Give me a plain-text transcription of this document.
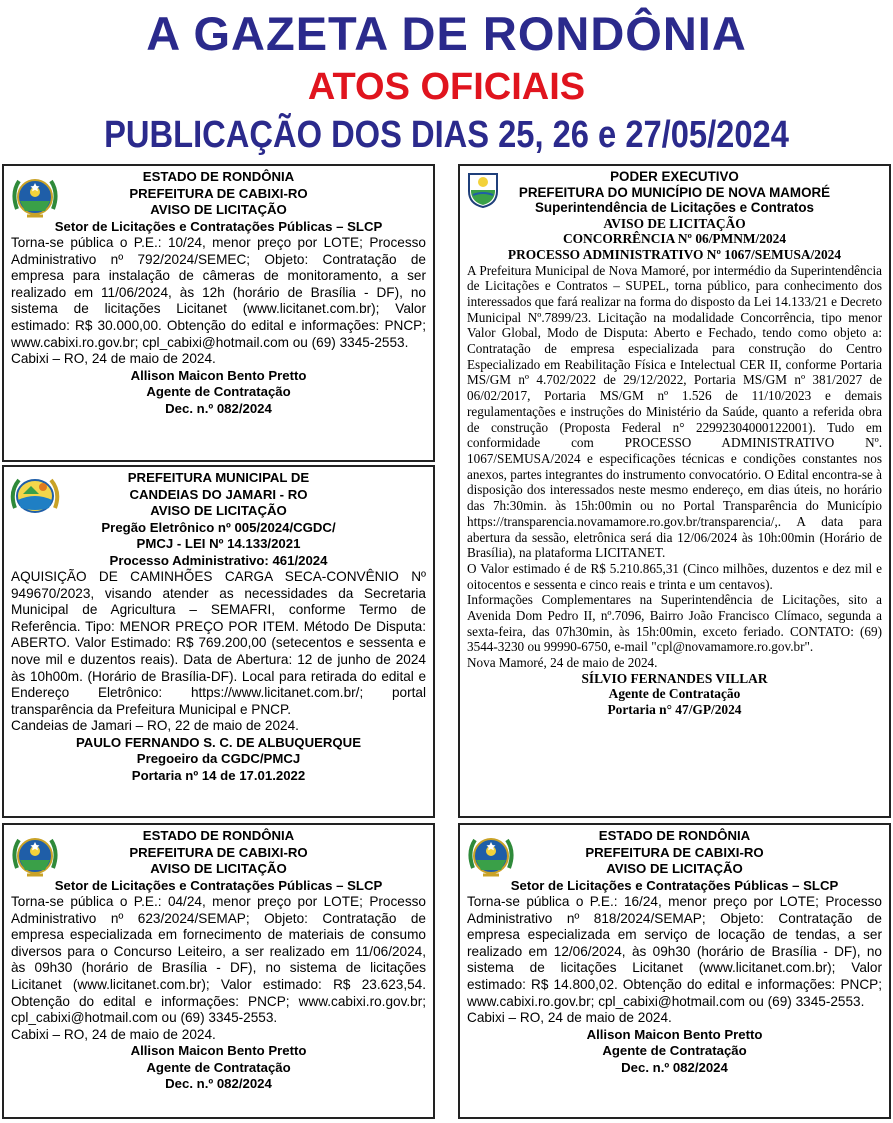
A GAZETA DE RONDÔNIA
ATOS OFICIAIS
PUBLICAÇÃO DOS DIAS 25, 26 e 27/05/2024
ESTADO DE RONDÔNIA
PREFEITURA DE CABIXI-RO
AVISO DE LICITAÇÃO
Setor de Licitações e Contratações Públicas – SLCP
Torna-se pública o P.E.: 10/24, menor preço por LOTE; Processo Administrativo nº 792/2024/SEMEC; Objeto: Contratação de empresa para instalação de câmeras de monitoramento, a ser realizado em 11/06/2024, às 12h (horário de Brasília - DF), no sistema de licitações Licitanet (www.licitanet.com.br); Valor estimado: R$ 30.000,00. Obtenção do edital e informações: PNCP; www.cabixi.ro.gov.br; cpl_cabixi@hotmail.com ou (69) 3345-2553.
Cabixi – RO, 24 de maio de 2024.
Allison Maicon Bento Pretto
Agente de Contratação
Dec. n.º 082/2024
PREFEITURA MUNICIPAL DE
CANDEIAS DO JAMARI - RO
AVISO DE LICITAÇÃO
Pregão Eletrônico nº 005/2024/CGDC/
PMCJ - LEI Nº 14.133/2021
Processo Administrativo: 461/2024
AQUISIÇÃO DE CAMINHÕES CARGA SECA-CONVÊNIO Nº 949670/2023, visando atender as necessidades da Secretaria Municipal de Agricultura – SEMAFRI, conforme Termo de Referência. Tipo: MENOR PREÇO POR ITEM. Método De Disputa: ABERTO. Valor Estimado: R$ 769.200,00 (setecentos e sessenta e nove mil e duzentos reais). Data de Abertura: 12 de junho de 2024 às 10h00m. (Horário de Brasília-DF). Local para retirada do edital e Endereço Eletrônico: https://www.licitanet.com.br/; portal transparência da Prefeitura Municipal e PNCP.
Candeias de Jamari – RO, 22 de maio de 2024.
PAULO FERNANDO S. C. DE ALBUQUERQUE
Pregoeiro da CGDC/PMCJ
Portaria nº 14 de 17.01.2022
ESTADO DE RONDÔNIA
PREFEITURA DE CABIXI-RO
AVISO DE LICITAÇÃO
Setor de Licitações e Contratações Públicas – SLCP
Torna-se pública o P.E.: 04/24, menor preço por LOTE; Processo Administrativo nº 623/2024/SEMAP; Objeto: Contratação de empresa especializada em fornecimento de materiais de consumo diversos para o Concurso Leiteiro, a ser realizado em 11/06/2024, às 09h30 (horário de Brasília - DF), no sistema de licitações Licitanet (www.licitanet.com.br); Valor estimado: R$ 23.623,54. Obtenção do edital e informações: PNCP; www.cabixi.ro.gov.br; cpl_cabixi@hotmail.com ou (69) 3345-2553.
Cabixi – RO, 24 de maio de 2024.
Allison Maicon Bento Pretto
Agente de Contratação
Dec. n.º 082/2024
PODER EXECUTIVO
PREFEITURA DO MUNICÍPIO DE NOVA MAMORÉ
Superintendência de Licitações e Contratos
AVISO DE LICITAÇÃO
CONCORRÊNCIA Nº 06/PMNM/2024
PROCESSO ADMINISTRATIVO Nº 1067/SEMUSA/2024
A Prefeitura Municipal de Nova Mamoré, por intermédio da Superintendência de Licitações e Contratos – SUPEL, torna público, para conhecimento dos interessados que fará realizar na forma do disposto da Lei 14.133/21 e Decreto Municipal Nº.7899/23. Licitação na modalidade Concorrência, tipo menor Valor Global, Modo de Disputa: Aberto e Fechado, tendo como objeto a: Contratação de empresa especializada para construção do Centro Especializado em Reabilitação Física e Intelectual CER II, conforme Portaria MS/GM nº 4.702/2022 de 29/12/2022, Portaria MS/GM nº 381/2027 de 06/02/2017, Portaria MS/GM nº 1.526 de 11/10/2023 e demais regulamentações e instruções do Ministério da Saúde, quanto a referida obra de construção (Proposta Federal n° 22992304000122001). Tudo em conformidade com PROCESSO ADMINISTRATIVO Nº. 1067/SEMUSA/2024 e especificações técnicas e condições constantes nos anexos, partes integrantes do instrumento convocatório. O Edital encontra-se à disposição dos interessados neste mesmo endereço, em dias úteis, no horário das 7h:30min. às 15h:00min ou no Portal Transparência do Município https://transparencia.novamamore.ro.gov.br/transparencia/,. A data para abertura da sessão, eletrônica será dia 12/06/2024 às 10h:00min (Horário de Brasília), na plataforma LICITANET.
O Valor estimado é de R$ 5.210.865,31 (Cinco milhões, duzentos e dez mil e oitocentos e sessenta e cinco reais e trinta e um centavos).
Informações Complementares na Superintendência de Licitações, sito a Avenida Dom Pedro II, nº.7096, Bairro João Francisco Clímaco, segunda a sexta-feira, das 07h30min, às 15h:00min, exceto feriado. CONTATO: (69) 3544-3230 ou 99990-6750, e-mail "cpl@novamamore.ro.gov.br".
Nova Mamoré, 24 de maio de 2024.
SÍLVIO FERNANDES VILLAR
Agente de Contratação
Portaria n° 47/GP/2024
ESTADO DE RONDÔNIA
PREFEITURA DE CABIXI-RO
AVISO DE LICITAÇÃO
Setor de Licitações e Contratações Públicas – SLCP
Torna-se pública o P.E.: 16/24, menor preço por LOTE; Processo Administrativo nº 818/2024/SEMAP; Objeto: Contratação de empresa especializada em serviço de locação de tendas, a ser realizado em 12/06/2024, às 09h30 (horário de Brasília - DF), no sistema de licitações Licitanet (www.licitanet.com.br); Valor estimado: R$ 14.800,02. Obtenção do edital e informações: PNCP; www.cabixi.ro.gov.br; cpl_cabixi@hotmail.com ou (69) 3345-2553.
Cabixi – RO, 24 de maio de 2024.
Allison Maicon Bento Pretto
Agente de Contratação
Dec. n.º 082/2024
